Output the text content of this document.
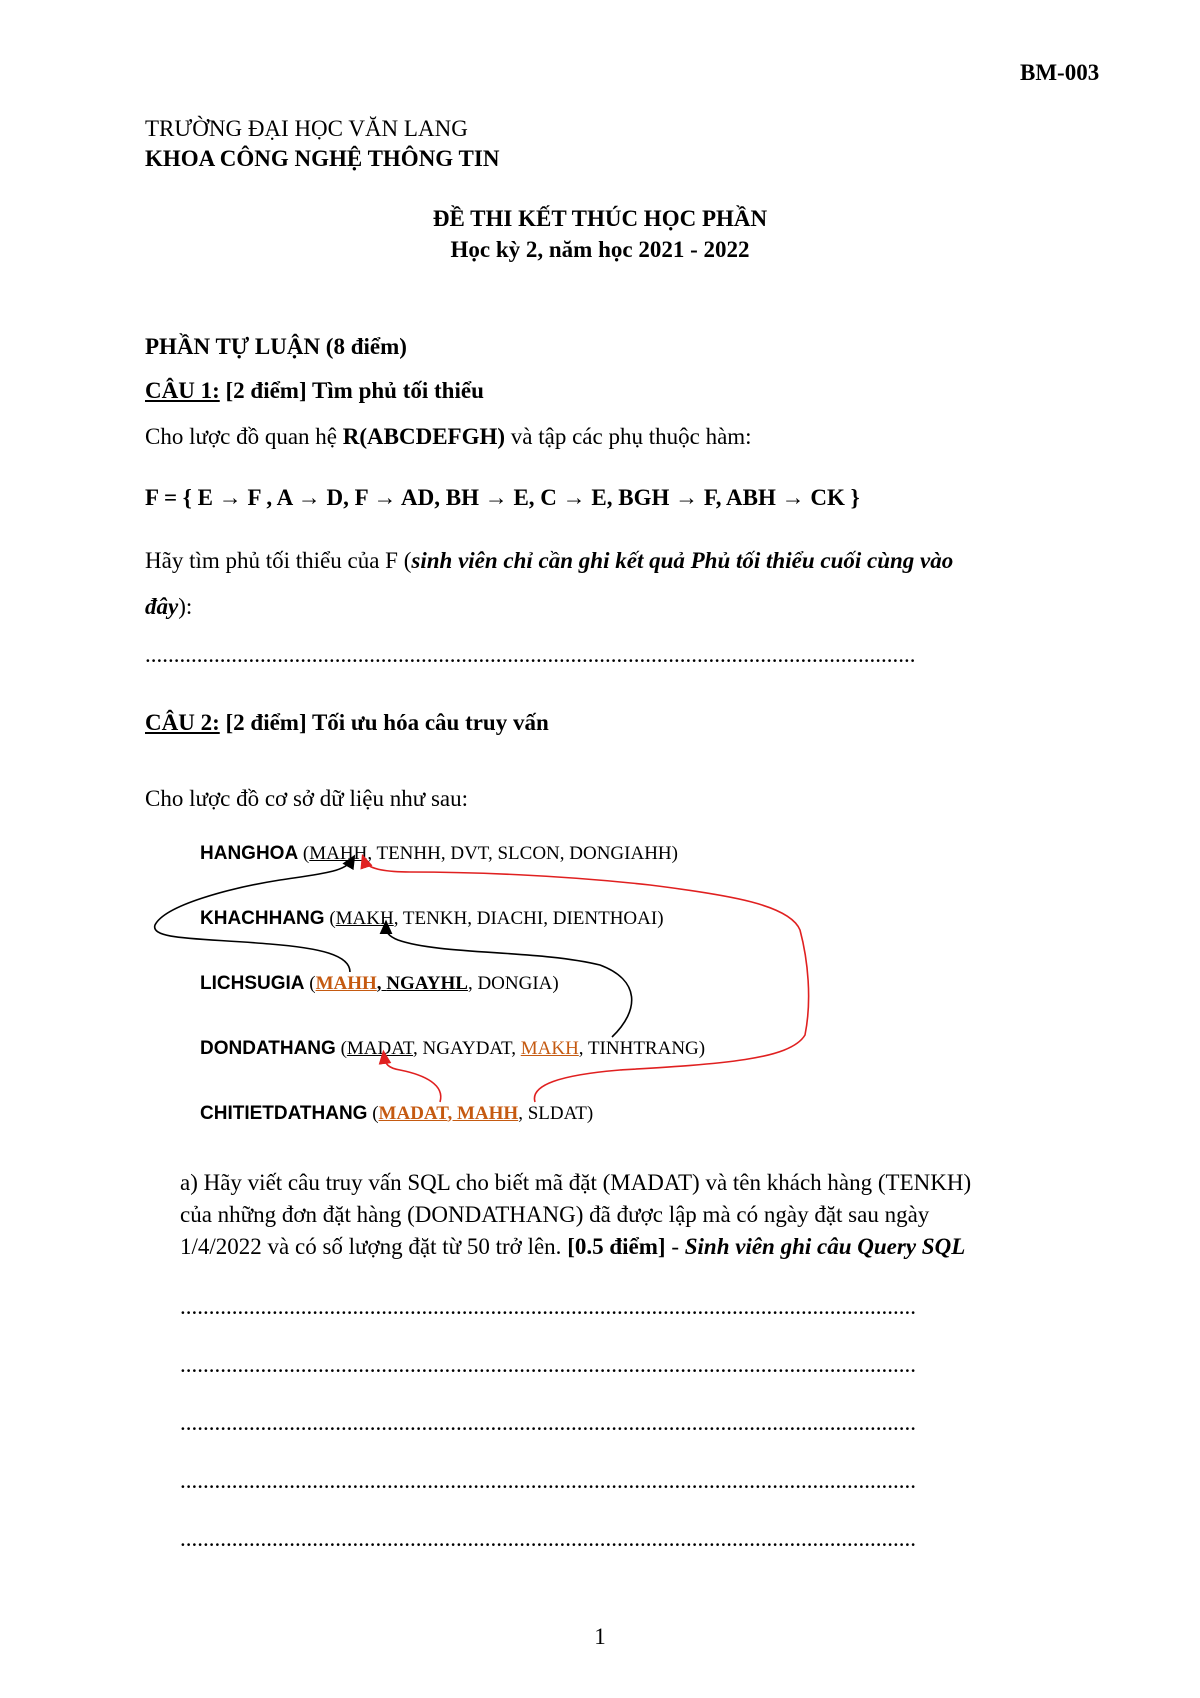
BM-003
TRƯỜNG ĐẠI HỌC VĂN LANG
KHOA CÔNG NGHỆ THÔNG TIN
ĐỀ THI KẾT THÚC HỌC PHẦN
Học kỳ 2, năm học 2021 - 2022
PHẦN TỰ LUẬN (8 điểm)
CÂU 1: [2 điểm] Tìm phủ tối thiểu
Cho lược đồ quan hệ R(ABCDEFGH) và tập các phụ thuộc hàm:
F = { E → F , A → D, F → AD, BH → E, C → E, BGH → F, ABH → CK }
Hãy tìm phủ tối thiểu của F (sinh viên chỉ cần ghi kết quả Phủ tối thiểu cuối cùng vào
đây):
......................................................................................................................................
CÂU 2: [2 điểm] Tối ưu hóa câu truy vấn
Cho lược đồ cơ sở dữ liệu như sau:
HANGHOA (MAHH, TENHH, DVT, SLCON, DONGIAHH)
KHACHHANG (MAKH, TENKH, DIACHI, DIENTHOAI)
LICHSUGIA (MAHH, NGAYHL, DONGIA)
DONDATHANG (MADAT, NGAYDAT, MAKH, TINHTRANG)
CHITIETDATHANG (MADAT, MAHH, SLDAT)
a) Hãy viết câu truy vấn SQL cho biết mã đặt (MADAT) và tên khách hàng (TENKH)
của những đơn đặt hàng (DONDATHANG) đã được lập mà có ngày đặt sau ngày
1/4/2022 và có số lượng đặt từ 50 trở lên. [0.5 điểm] - Sinh viên ghi câu Query SQL
................................................................................................................................
................................................................................................................................
................................................................................................................................
................................................................................................................................
................................................................................................................................
1
